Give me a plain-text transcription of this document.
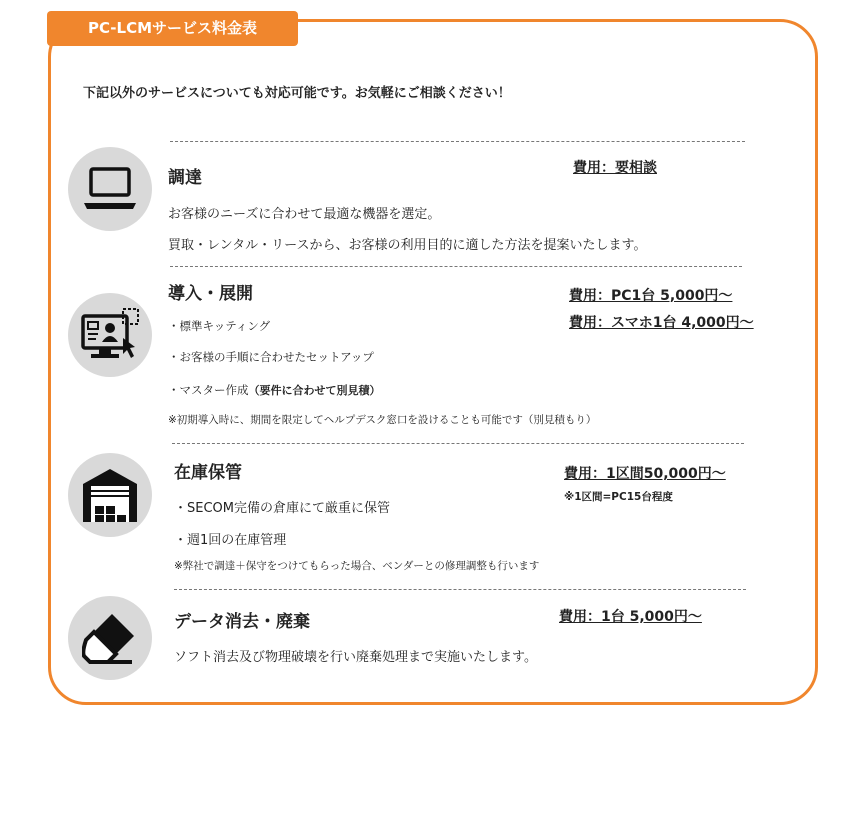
PC-LCMサービス料金表
下記以外のサービスについても対応可能です。お気軽にご相談ください！
調達	費用：要相談
お客様のニーズに合わせて最適な機器を選定。
買取・レンタル・リースから、お客様の利用目的に適した方法を提案いたします。
導入・展開	費用：PC1台 5,000円～
費用：スマホ1台 4,000円～
・標準キッティング
・お客様の手順に合わせたセットアップ
・マスター作成（要件に合わせて別見積）
※初期導入時に、期間を限定してヘルプデスク窓口を設けることも可能です（別見積もり）
在庫保管	費用：1区間50,000円～
※1区間=PC15台程度
・SECOM完備の倉庫にて厳重に保管
・週1回の在庫管理
※弊社で調達＋保守をつけてもらった場合、ベンダーとの修理調整も行います
データ消去・廃棄	費用：1台 5,000円～
ソフト消去及び物理破壊を行い廃棄処理まで実施いたします。
